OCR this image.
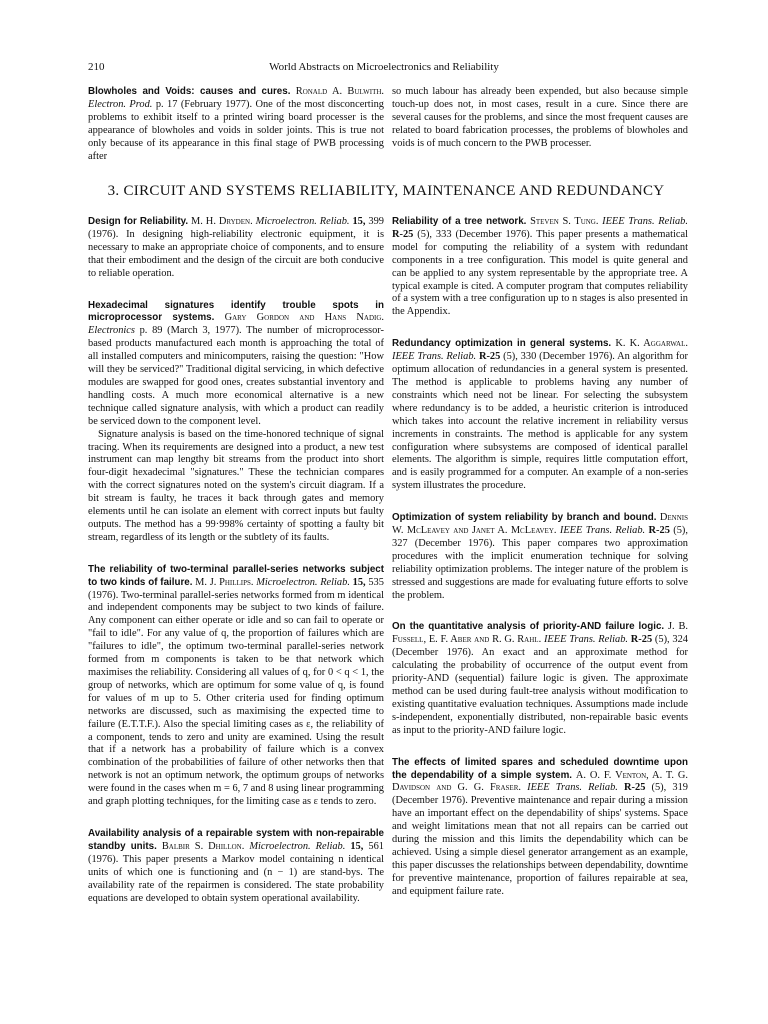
210	World Abstracts on Microelectronics and Reliability

Blowholes and Voids: causes and cures. Ronald A. Bulwith. Electron. Prod. p. 17 (February 1977). One of the most disconcerting problems to exhibit itself to a printed wiring board processer is the appearance of blowholes and voids in solder joints. This is true not only because of its appearance in this final stage of PWB processing after

so much labour has already been expended, but also because simple touch-up does not, in most cases, result in a cure. Since there are several causes for the problems, and since the most frequent causes are related to board fabrication processes, the problems of blowholes and voids is of much concern to the PWB processer.

3. CIRCUIT AND SYSTEMS RELIABILITY, MAINTENANCE AND REDUNDANCY

Design for Reliability. M. H. Dryden. Microelectron. Reliab. 15, 399 (1976). In designing high-reliability electronic equipment, it is necessary to make an appropriate choice of components, and to ensure that their embodiment and the design of the circuit are both conducive to reliable operation.

Hexadecimal signatures identify trouble spots in microprocessor systems. Gary Gordon and Hans Nadig. Electronics p. 89 (March 3, 1977). The number of microprocessor-based products manufactured each month is approaching the total of all installed computers and minicomputers, raising the question: "How will they be serviced?" Traditional digital servicing, in which defective modules are swapped for good ones, creates substantial inventory and handling costs. A much more economical alternative is a new technique called signature analysis, with which a product can readily be serviced down to the component level.

Signature analysis is based on the time-honored technique of signal tracing. When its requirements are designed into a product, a new test instrument can map lengthy bit streams from the product into short four-digit hexadecimal "signatures." These the technician compares with the correct signatures noted on the system's circuit diagram. If a bit stream is faulty, he traces it back through gates and memory elements until he can isolate an element with correct inputs but faulty outputs. The method has a 99·998% certainty of spotting a faulty bit stream, regardless of its length or the subtlety of its faults.

The reliability of two-terminal parallel-series networks subject to two kinds of failure. M. J. Phillips. Microelectron. Reliab. 15, 535 (1976). Two-terminal parallel-series networks formed from m identical and independent components may be subject to two kinds of failure. Any component can either operate or idle and so can fail to operate or "fail to idle". For any value of q, the proportion of failures which are "failures to idle", the optimum two-terminal parallel-series network formed from m components is taken to be that network which maximises the reliability. Considering all values of q, for 0 < q < 1, the group of networks, which are optimum for some value of q, is found for values of m up to 5. Other criteria used for finding optimum networks are discussed, such as maximising the expected time to failure (E.T.T.F.). Also the special limiting cases as ε, the reliability of a component, tends to zero and unity are examined. Using the result that if a network has a probability of failure which is a convex combination of the probabilities of failure of other networks then that network is not an optimum network, the optimum groups of networks were found in the cases when m = 6, 7 and 8 using linear programming and graph plotting techniques, for the limiting case as ε tends to zero.

Availability analysis of a repairable system with non-repairable standby units. Balbir S. Dhillon. Microelectron. Reliab. 15, 561 (1976). This paper presents a Markov model containing n identical units of which one is functioning and (n − 1) are stand-bys. The availability rate of the repairmen is considered. The state probability equations are developed to obtain system operational availability.

Reliability of a tree network. Steven S. Tung. IEEE Trans. Reliab. R-25 (5), 333 (December 1976). This paper presents a mathematical model for computing the reliability of a system with redundant components in a tree configuration. This model is quite general and can be applied to any system representable by the appropriate tree. A typical example is cited. A computer program that computes reliability of a system with a tree configuration up to n stages is also presented in the Appendix.

Redundancy optimization in general systems. K. K. Aggarwal. IEEE Trans. Reliab. R-25 (5), 330 (December 1976). An algorithm for optimum allocation of redundancies in a general system is presented. The method is applicable to problems having any number of constraints which need not be linear. For selecting the subsystem where redundancy is to be added, a heuristic criterion is introduced which takes into account the relative increment in reliability versus increments in constraints. The method is applicable for any system configuration where subsystems are composed of identical parallel elements. The algorithm is simple, requires little computation effort, and is easily programmed for a computer. An example of a non-series system illustrates the procedure.

Optimization of system reliability by branch and bound. Dennis W. McLeavey and Janet A. McLeavey. IEEE Trans. Reliab. R-25 (5), 327 (December 1976). This paper compares two approximation procedures with the implicit enumeration technique for solving reliability optimization problems. The integer nature of the problem is stressed and suggestions are made for evaluating future efforts to solve the problem.

On the quantitative analysis of priority-AND failure logic. J. B. Fussell, E. F. Aber and R. G. Rahl. IEEE Trans. Reliab. R-25 (5), 324 (December 1976). An exact and an approximate method for calculating the probability of occurrence of the output event from priority-AND (sequential) failure logic is given. The approximate method can be used during fault-tree analysis without modification to existing quantitative evaluation techniques. Assumptions made include s-independent, exponentially distributed, non-repairable basic events as input to the priority-AND failure logic.

The effects of limited spares and scheduled downtime upon the dependability of a simple system. A. O. F. Venton, A. T. G. Davidson and G. G. Fraser. IEEE Trans. Reliab. R-25 (5), 319 (December 1976). Preventive maintenance and repair during a mission have an important effect on the dependability of ships' systems. Space and weight limitations mean that not all repairs can be carried out during the mission and this limits the dependability which can be achieved. Using a simple diesel generator arrangement as an example, this paper discusses the relationships between dependability, downtime for preventive maintenance, proportion of failures repairable at sea, and equipment failure rate.
